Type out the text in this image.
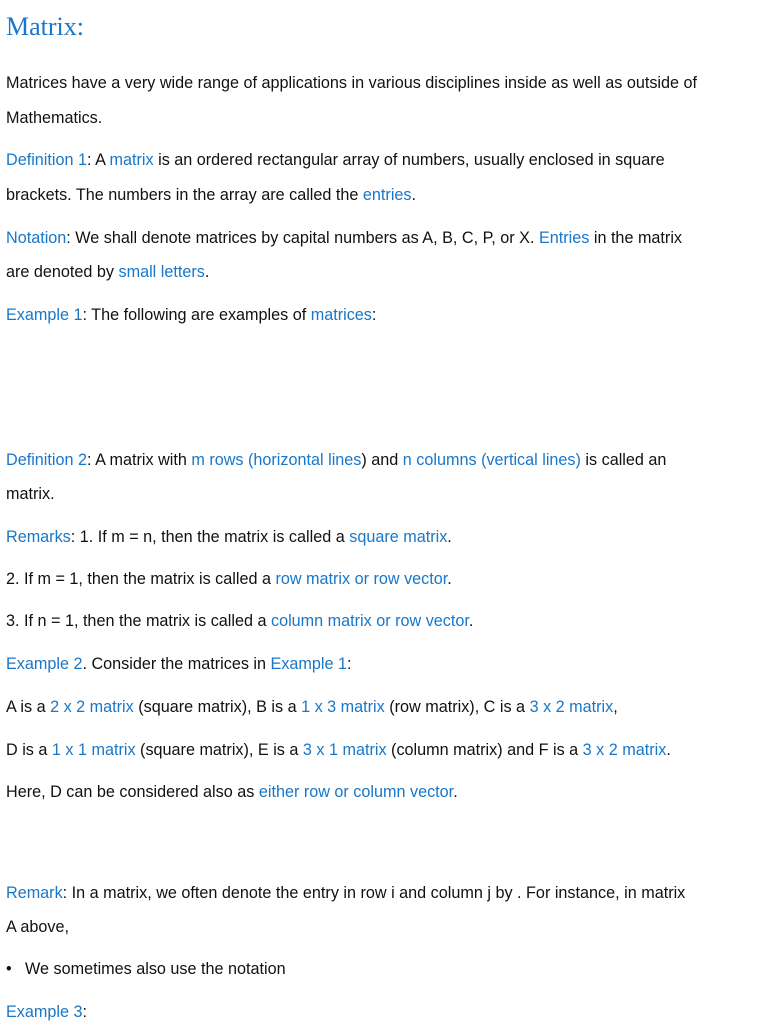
Matrix:

Matrices have a very wide range of applications in various disciplines inside as well as outside of

Mathematics.

Definition 1: A matrix is an ordered rectangular array of numbers, usually enclosed in square

brackets. The numbers in the array are called the entries.

Notation: We shall denote matrices by capital numbers as A, B, C, P, or X. Entries in the matrix

are denoted by small letters.

Example 1: The following are examples of matrices:

Definition 2: A matrix with m rows (horizontal lines) and n columns (vertical lines) is called an

matrix.

Remarks: 1. If m = n, then the matrix is called a square matrix.

2. If m = 1, then the matrix is called a row matrix or row vector.

3. If n = 1, then the matrix is called a column matrix or row vector.

Example 2. Consider the matrices in Example 1:

A is a 2 x 2 matrix (square matrix), B is a 1 x 3 matrix (row matrix), C is a 3 x 2 matrix,

D is a 1 x 1 matrix (square matrix), E is a 3 x 1 matrix (column matrix) and F is a 3 x 2 matrix.

Here, D can be considered also as either row or column vector.

Remark: In a matrix, we often denote the entry in row i and column j by . For instance, in matrix

A above,

• We sometimes also use the notation

Example 3:
